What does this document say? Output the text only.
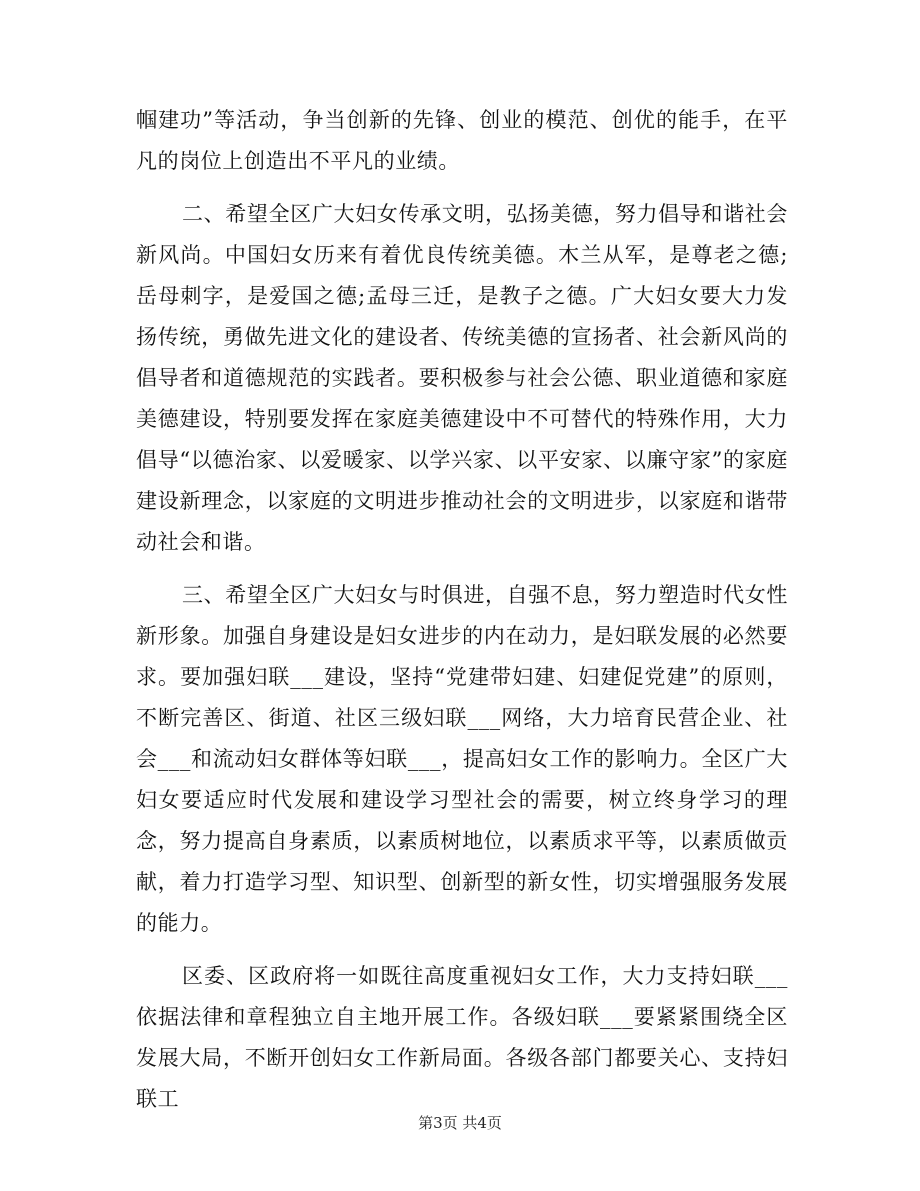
帼建功”等活动，争当创新的先锋、创业的模范、创优的能手，在平凡的岗位上创造出不平凡的业绩。

二、希望全区广大妇女传承文明，弘扬美德，努力倡导和谐社会新风尚。中国妇女历来有着优良传统美德。木兰从军，是尊老之德;岳母刺字，是爱国之德;孟母三迁，是教子之德。广大妇女要大力发扬传统，勇做先进文化的建设者、传统美德的宣扬者、社会新风尚的倡导者和道德规范的实践者。要积极参与社会公德、职业道德和家庭美德建设，特别要发挥在家庭美德建设中不可替代的特殊作用，大力倡导“以德治家、以爱暖家、以学兴家、以平安家、以廉守家”的家庭建设新理念，以家庭的文明进步推动社会的文明进步，以家庭和谐带动社会和谐。

三、希望全区广大妇女与时俱进，自强不息，努力塑造时代女性新形象。加强自身建设是妇女进步的内在动力，是妇联发展的必然要求。要加强妇联___建设，坚持“党建带妇建、妇建促党建”的原则，不断完善区、街道、社区三级妇联___网络，大力培育民营企业、社会___和流动妇女群体等妇联___，提高妇女工作的影响力。全区广大妇女要适应时代发展和建设学习型社会的需要，树立终身学习的理念，努力提高自身素质，以素质树地位，以素质求平等，以素质做贡献，着力打造学习型、知识型、创新型的新女性，切实增强服务发展的能力。

区委、区政府将一如既往高度重视妇女工作，大力支持妇联___依据法律和章程独立自主地开展工作。各级妇联___要紧紧围绕全区发展大局，不断开创妇女工作新局面。各级各部门都要关心、支持妇联工

第3页 共4页
